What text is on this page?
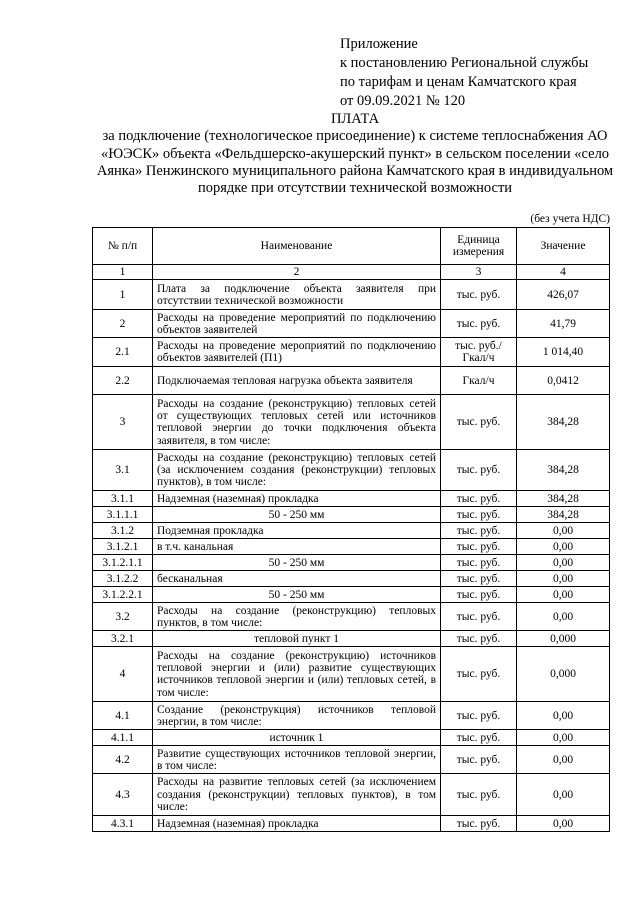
Приложение
к постановлению Региональной службы
по тарифам и ценам Камчатского края
от 09.09.2021 № 120
ПЛАТА
за подключение (технологическое присоединение) к системе теплоснабжения АО «ЮЭСК» объекта «Фельдшерско-акушерский пункт» в сельском поселении «село Аянка» Пенжинского муниципального района Камчатского края в индивидуальном порядке при отсутствии технической возможности
(без учета НДС)
№ п/п	Наименование	Единица измерения	Значение
1	2	3	4
1	Плата за подключение объекта заявителя при отсутствии технической возможности	тыс. руб.	426,07
2	Расходы на проведение мероприятий по подключению объектов заявителей	тыс. руб.	41,79
2.1	Расходы на проведение мероприятий по подключению объектов заявителей (П1)	тыс. руб./ Гкал/ч	1 014,40
2.2	Подключаемая тепловая нагрузка объекта заявителя	Гкал/ч	0,0412
3	Расходы на создание (реконструкцию) тепловых сетей от существующих тепловых сетей или источников тепловой энергии до точки подключения объекта заявителя, в том числе:	тыс. руб.	384,28
3.1	Расходы на создание (реконструкцию) тепловых сетей (за исключением создания (реконструкции) тепловых пунктов), в том числе:	тыс. руб.	384,28
3.1.1	Надземная (наземная) прокладка	тыс. руб.	384,28
3.1.1.1	50 - 250 мм	тыс. руб.	384,28
3.1.2	Подземная прокладка	тыс. руб.	0,00
3.1.2.1	в т.ч. канальная	тыс. руб.	0,00
3.1.2.1.1	50 - 250 мм	тыс. руб.	0,00
3.1.2.2	бесканальная	тыс. руб.	0,00
3.1.2.2.1	50 - 250 мм	тыс. руб.	0,00
3.2	Расходы на создание (реконструкцию) тепловых пунктов, в том числе:	тыс. руб.	0,00
3.2.1	тепловой пункт 1	тыс. руб.	0,000
4	Расходы на создание (реконструкцию) источников тепловой энергии и (или) развитие существующих источников тепловой энергии и (или) тепловых сетей, в том числе:	тыс. руб.	0,000
4.1	Создание (реконструкция) источников тепловой энергии, в том числе:	тыс. руб.	0,00
4.1.1	источник 1	тыс. руб.	0,00
4.2	Развитие существующих источников тепловой энергии, в том числе:	тыс. руб.	0,00
4.3	Расходы на развитие тепловых сетей (за исключением создания (реконструкции) тепловых пунктов), в том числе:	тыс. руб.	0,00
4.3.1	Надземная (наземная) прокладка	тыс. руб.	0,00
